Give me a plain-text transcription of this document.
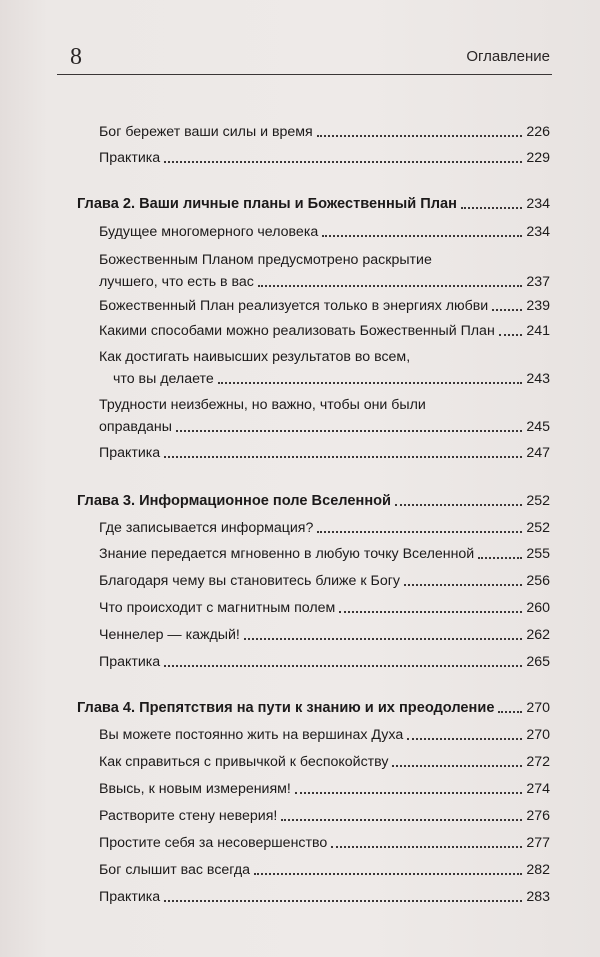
8	Оглавление
Бог бережет ваши силы и время	226
Практика	229
Глава 2. Ваши личные планы и Божественный План	234
Будущее многомерного человека	234
Божественным Планом предусмотрено раскрытие
лучшего, что есть в вас	237
Божественный План реализуется только в энергиях любви	239
Какими способами можно реализовать Божественный План 241
Как достигать наивысших результатов во всем,
что вы делаете	243
Трудности неизбежны, но важно, чтобы они были
оправданы	245
Практика	247
Глава 3. Информационное поле Вселенной	252
Где записывается информация?	252
Знание передается мгновенно в любую точку Вселенной	255
Благодаря чему вы становитесь ближе к Богу	256
Что происходит с магнитным полем	260
Ченнелер — каждый!	262
Практика	265
Глава 4. Препятствия на пути к знанию и их преодоление 270
Вы можете постоянно жить на вершинах Духа	270
Как справиться с привычкой к беспокойству	272
Ввысь, к новым измерениям!	274
Растворите стену неверия!	276
Простите себя за несовершенство	277
Бог слышит вас всегда	282
Практика	283
